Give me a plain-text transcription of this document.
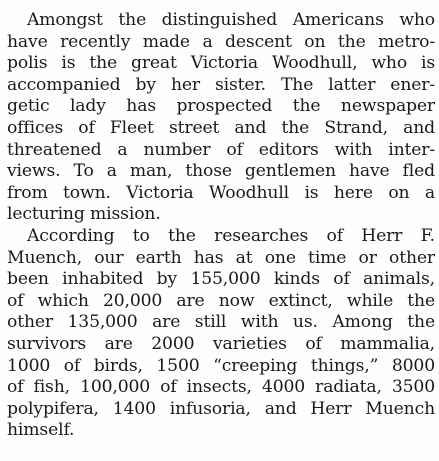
Amongst the distinguished Americans who
have recently made a descent on the metro-
polis is the great Victoria Woodhull, who is
accompanied by her sister. The latter ener-
getic lady has prospected the newspaper
offices of Fleet street and the Strand, and
threatened a number of editors with inter-
views. To a man, those gentlemen have fled
from town. Victoria Woodhull is here on a
lecturing mission.
According to the researches of Herr F.
Muench, our earth has at one time or other
been inhabited by 155,000 kinds of animals,
of which 20,000 are now extinct, while the
other 135,000 are still with us. Among the
survivors are 2000 varieties of mammalia,
1000 of birds, 1500 “creeping things,” 8000
of fish, 100,000 of insects, 4000 radiata, 3500
polypifera, 1400 infusoria, and Herr Muench
himself.
